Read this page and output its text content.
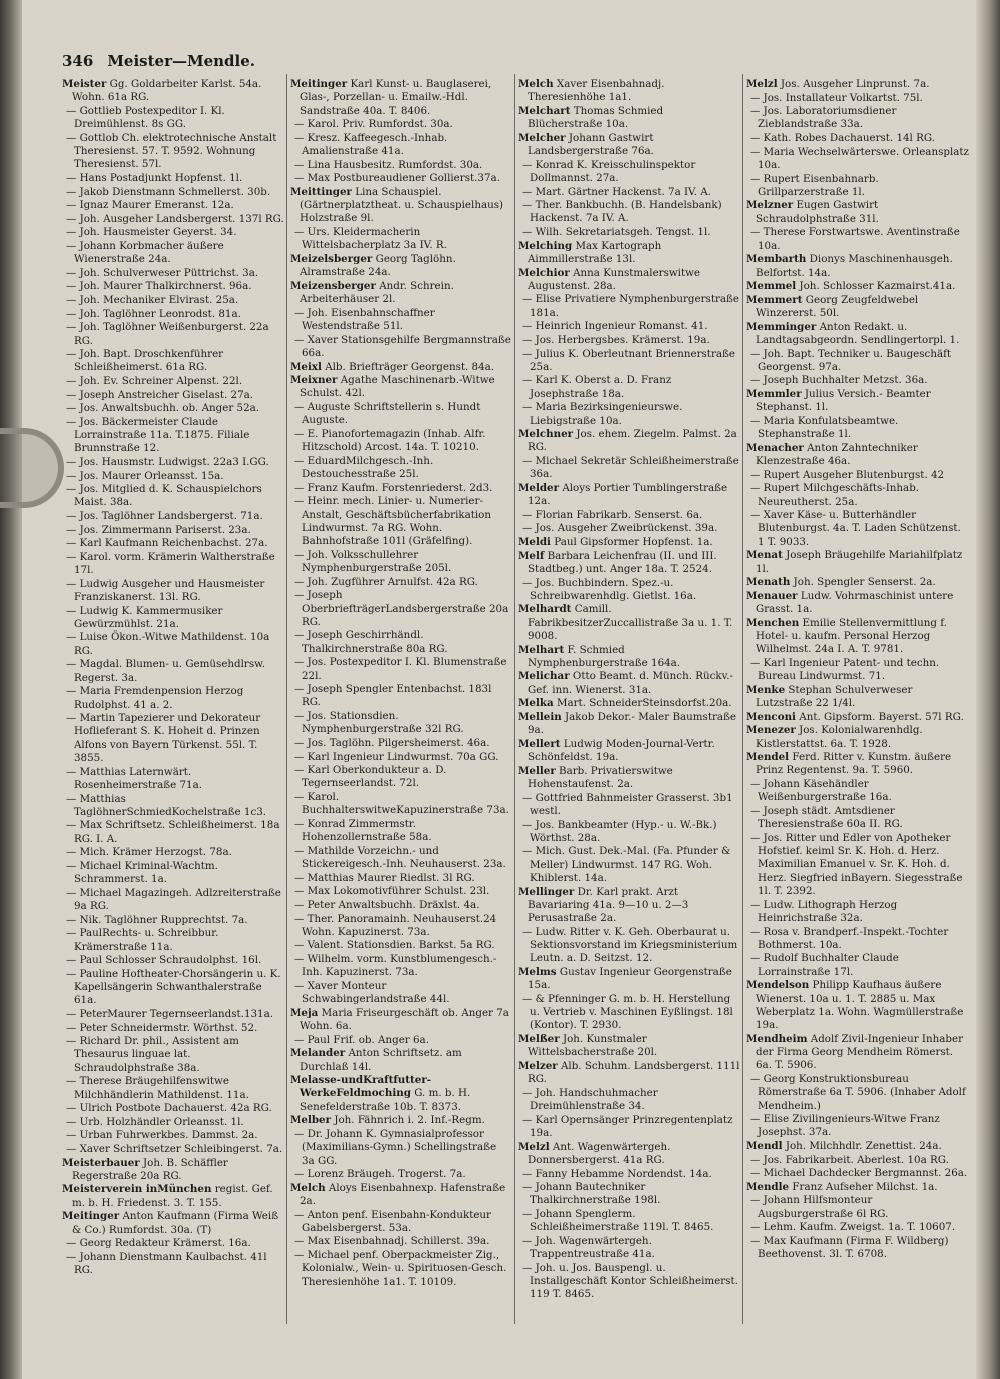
346 Meister—Mendle.

Meister Gg. Goldarbeiter Karlst. 54a. Wohn. 61a RG.

— Gottlieb Postexpeditor I. Kl. Dreimühlenst. 8s GG.

— Gottlob Ch. elektrotechnische Anstalt Theresienst. 57. T. 9592. Wohnung Theresienst. 57l.

— Hans Postadjunkt Hopfenst. 1l.

— Jakob Dienstmann Schmellerst. 30b.

— Ignaz Maurer Emeranst. 12a.

— Joh. Ausgeher Landsbergerst. 137l RG.

— Joh. Hausmeister Geyerst. 34.

— Johann Korbmacher äußere Wienerstraße 24a.

— Joh. Schulverweser Püttrichst. 3a.

— Joh. Maurer Thalkirchnerst. 96a.

— Joh. Mechaniker Elvirast. 25a.

— Joh. Taglöhner Leonrodst. 81a.

— Joh. Taglöhner Weißenburgerst. 22a RG.

— Joh. Bapt. Droschkenführer Schleißheimerst. 61a RG.

— Joh. Ev. Schreiner Alpenst. 22l.

— Joseph Anstreicher Giselast. 27a.

— Jos. Anwaltsbuchh. ob. Anger 52a.

— Jos. Bäckermeister Claude Lorrainstraße 11a. T.1875. Filiale Brunnstraße 12.

— Jos. Hausmstr. Ludwigst. 22a3 I.GG.

— Jos. Maurer Orleansst. 15a.

— Jos. Mitglied d. K. Schauspielchors Maist. 38a.

— Jos. Taglöhner Landsbergerst. 71a.

— Jos. Zimmermann Pariserst. 23a.

— Karl Kaufmann Reichenbachst. 27a.

— Karol. vorm. Krämerin Waltherstraße 17l.

— Ludwig Ausgeher und Hausmeister Franziskanerst. 13l. RG.

— Ludwig K. Kammermusiker Gewürzmühlst. 21a.

— Luise Ökon.-Witwe Mathildenst. 10a RG.

— Magdal. Blumen- u. Gemüsehdlrsw. Regerst. 3a.

— Maria Fremdenpension Herzog Rudolphst. 41 a. 2.

— Martin Tapezierer und Dekorateur Hoflieferant S. K. Hoheit d. Prinzen Alfons von Bayern Türkenst. 55l. T. 3855.

— Matthias Laternwärt. Rosenheimerstraße 71a.

— Matthias TaglöhnerSchmiedKochelstraße 1c3.

— Max Schriftsetz. Schleißheimerst. 18a RG. I. A.

— Mich. Krämer Herzogst. 78a.

— Michael Kriminal-Wachtm. Schrammerst. 1a.

— Michael Magazingeh. Adlzreiterstraße 9a RG.

— Nik. Taglöhner Rupprechtst. 7a.

— PaulRechts- u. Schreibbur. Krämerstraße 11a.

— Paul Schlosser Schraudolphst. 16l.

— Pauline Hoftheater-Chorsängerin u. K. Kapellsängerin Schwanthalerstraße 61a.

— PeterMaurer Tegernseerlandst.131a.

— Peter Schneidermstr. Wörthst. 52.

— Richard Dr. phil., Assistent am Thesaurus linguae lat. Schraudolphstraße 38a.

— Therese Bräugehilfenswitwe Milchhändlerin Mathildenst. 11a.

— Ulrich Postbote Dachauerst. 42a RG.

— Urb. Holzhändler Orleansst. 1l.

— Urban Fuhrwerkbes. Dammst. 2a.

— Xaver Schriftsetzer Schleibingerst. 7a.

Meisterbauer Joh. B. Schäffler Regerstraße 20a RG.

Meisterverein inMünchen regist. Gef. m. b. H. Friedenst. 3. T. 155.

Meitinger Anton Kaufmann (Firma Weiß & Co.) Rumfordst. 30a. (T)

— Georg Redakteur Krämerst. 16a.

— Johann Dienstmann Kaulbachst. 41l RG.

Meitinger Karl Kunst- u. Bauglaserei, Glas-, Porzellan- u. Emailw.-Hdl. Sandstraße 40a. T. 8406.

— Karol. Priv. Rumfordst. 30a.

— Kresz. Kaffeegesch.-Inhab. Amalienstraße 41a.

— Lina Hausbesitz. Rumfordst. 30a.

— Max Postbureaudiener Gollierst.37a.

Meittinger Lina Schauspiel. (Gärtnerplatztheat. u. Schauspielhaus) Holzstraße 9l.

— Urs. Kleidermacherin Wittelsbacherplatz 3a IV. R.

Meizelsberger Georg Taglöhn. Alramstraße 24a.

Meizensberger Andr. Schrein. Arbeiterhäuser 2l.

— Joh. Eisenbahnschaffner Westendstraße 51l.

— Xaver Stationsgehilfe Bergmannstraße 66a.

Meixl Alb. Briefträger Georgenst. 84a.

Meixner Agathe Maschinenarb.-Witwe Schulst. 42l.

— Auguste Schriftstellerin s. Hundt Auguste.

— E. Pianofortemagazin (Inhab. Alfr. Hitzschold) Arcost. 14a. T. 10210.

— EduardMilchgesch.-Inh. Destouchesstraße 25l.

— Franz Kaufm. Forstenriederst. 2d3.

— Heinr. mech. Linier- u. Numerier-Anstalt, Geschäftsbücherfabrikation Lindwurmst. 7a RG. Wohn. Bahnhofstraße 101l (Gräfelfing).

— Joh. Volksschullehrer Nymphenburgerstraße 205l.

— Joh. Zugführer Arnulfst. 42a RG.

— Joseph OberbriefträgerLandsbergerstraße 20a RG.

— Joseph Geschirrhändl. Thalkirchnerstraße 80a RG.

— Jos. Postexpeditor I. Kl. Blumenstraße 22l.

— Joseph Spengler Entenbachst. 183l RG.

— Jos. Stationsdien. Nymphenburgerstraße 32l RG.

— Jos. Taglöhn. Pilgersheimerst. 46a.

— Karl Ingenieur Lindwurmst. 70a GG.

— Karl Oberkondukteur a. D. Tegernseerlandst. 72l.

— Karol. BuchhalterswitweKapuzinerstraße 73a.

— Konrad Zimmermstr. Hohenzollernstraße 58a.

— Mathilde Vorzeichn.- und Stickereigesch.-Inh. Neuhauserst. 23a.

— Matthias Maurer Riedlst. 3l RG.

— Max Lokomotivführer Schulst. 23l.

— Peter Anwaltsbuchh. Dräxlst. 4a.

— Ther. Panoramainh. Neuhauserst.24 Wohn. Kapuzinerst. 73a.

— Valent. Stationsdien. Barkst. 5a RG.

— Wilhelm. vorm. Kunstblumengesch.-Inh. Kapuzinerst. 73a.

— Xaver Monteur Schwabingerlandstraße 44l.

Meja Maria Friseurgeschäft ob. Anger 7a Wohn. 6a.

— Paul Frif. ob. Anger 6a.

Melander Anton Schriftsetz. am Durchlaß 14l.

Melasse-undKraftfutter-WerkeFeldmoching G. m. b. H. Senefelderstraße 10b. T. 8373.

Melber Joh. Fähnrich i. 2. Inf.-Regm.

— Dr. Johann K. Gymnasialprofessor (Maximilians-Gymn.) Schellingstraße 3a GG.

— Lorenz Bräugeh. Trogerst. 7a.

Melch Aloys Eisenbahnexp. Hafenstraße 2a.

— Anton penf. Eisenbahn-Kondukteur Gabelsbergerst. 53a.

— Max Eisenbahnadj. Schillerst. 39a.

— Michael penf. Oberpackmeister Zig., Kolonialw., Wein- u. Spirituosen-Gesch. Theresienhöhe 1a1. T. 10109.

Melch Xaver Eisenbahnadj. Theresienhöhe 1a1.

Melchart Thomas Schmied Blücherstraße 10a.

Melcher Johann Gastwirt Landsbergerstraße 76a.

— Konrad K. Kreisschulinspektor Dollmannst. 27a.

— Mart. Gärtner Hackenst. 7a IV. A.

— Ther. Bankbuchh. (B. Handelsbank) Hackenst. 7a IV. A.

— Wilh. Sekretariatsgeh. Tengst. 1l.

Melching Max Kartograph Aimmillerstraße 13l.

Melchior Anna Kunstmalerswitwe Augustenst. 28a.

— Elise Privatiere Nymphenburgerstraße 181a.

— Heinrich Ingenieur Romanst. 41.

— Jos. Herbergsbes. Krämerst. 19a.

— Julius K. Oberleutnant Briennerstraße 25a.

— Karl K. Oberst a. D. Franz Josephstraße 18a.

— Maria Bezirksingenieurswe. Liebigstraße 10a.

Melchner Jos. ehem. Ziegelm. Palmst. 2a RG.

— Michael Sekretär Schleißheimerstraße 36a.

Melder Aloys Portier Tumblingerstraße 12a.

— Florian Fabrikarb. Senserst. 6a.

— Jos. Ausgeher Zweibrückenst. 39a.

Meldi Paul Gipsformer Hopfenst. 1a.

Melf Barbara Leichenfrau (II. und III. Stadtbeg.) unt. Anger 18a. T. 2524.

— Jos. Buchbindern. Spez.-u. Schreibwarenhdlg. Gietlst. 16a.

Melhardt Camill. FabrikbesitzerZuccallistraße 3a u. 1. T. 9008.

Melhart F. Schmied Nymphenburgerstraße 164a.

Melichar Otto Beamt. d. Münch. Rückv.-Gef. inn. Wienerst. 31a.

Melka Mart. SchneiderSteinsdorfst.20a.

Mellein Jakob Dekor.- Maler Baumstraße 9a.

Mellert Ludwig Moden-Journal-Vertr. Schönfeldst. 19a.

Meller Barb. Privatierswitwe Hohenstaufenst. 2a.

— Gottfried Bahnmeister Grasserst. 3b1 westl.

— Jos. Bankbeamter (Hyp.- u. W.-Bk.) Wörthst. 28a.

— Mich. Gust. Dek.-Mal. (Fa. Pfunder & Meller) Lindwurmst. 147 RG. Woh. Khiblerst. 14a.

Mellinger Dr. Karl prakt. Arzt Bavariaring 41a. 9—10 u. 2—3 Perusastraße 2a.

— Ludw. Ritter v. K. Geh. Oberbaurat u. Sektionsvorstand im Kriegsministerium Leutn. a. D. Seitzst. 12.

Melms Gustav Ingenieur Georgenstraße 15a.

— & Pfenninger G. m. b. H. Herstellung u. Vertrieb v. Maschinen Eyßlingst. 18l (Kontor). T. 2930.

Melßer Joh. Kunstmaler Wittelsbacherstraße 20l.

Melzer Alb. Schuhm. Landsbergerst. 111l RG.

— Joh. Handschuhmacher Dreimühlenstraße 34.

— Karl Opernsänger Prinzregentenplatz 19a.

Melzl Ant. Wagenwärtergeh. Donnersbergerst. 41a RG.

— Fanny Hebamme Nordendst. 14a.

— Johann Bautechniker Thalkirchnerstraße 198l.

— Johann Spenglerm. Schleißheimerstraße 119l. T. 8465.

— Joh. Wagenwärtergeh. Trappentreustraße 41a.

— Joh. u. Jos. Bauspengl. u. Installgeschäft Kontor Schleißheimerst. 119 T. 8465.

Melzl Jos. Ausgeher Linprunst. 7a.

— Jos. Installateur Volkartst. 75l.

— Jos. Laboratoriumsdiener Zieblandstraße 33a.

— Kath. Robes Dachauerst. 14l RG.

— Maria Wechselwärterswe. Orleansplatz 10a.

— Rupert Eisenbahnarb. Grillparzerstraße 1l.

Melzner Eugen Gastwirt Schraudolphstraße 31l.

— Therese Forstwartswe. Aventinstraße 10a.

Membarth Dionys Maschinenhausgeh. Belfortst. 14a.

Memmel Joh. Schlosser Kazmairst.41a.

Memmert Georg Zeugfeldwebel Winzererst. 50l.

Memminger Anton Redakt. u. Landtagsabgeordn. Sendlingertorpl. 1.

— Joh. Bapt. Techniker u. Baugeschäft Georgenst. 97a.

— Joseph Buchhalter Metzst. 36a.

Memmler Julius Versich.- Beamter Stephanst. 1l.

— Maria Konfulatsbeamtwe. Stephanstraße 1l.

Menacher Anton Zahntechniker Klenzestraße 46a.

— Rupert Ausgeher Blutenburgst. 42

— Rupert Milchgeschäfts-Inhab. Neureutherst. 25a.

— Xaver Käse- u. Butterhändler Blutenburgst. 4a. T. Laden Schützenst. 1 T. 9033.

Menat Joseph Bräugehilfe Mariahilfplatz 1l.

Menath Joh. Spengler Senserst. 2a.

Menauer Ludw. Vohrmaschinist untere Grasst. 1a.

Menchen Emilie Stellenvermittlung f. Hotel- u. kaufm. Personal Herzog Wilhelmst. 24a I. A. T. 9781.

— Karl Ingenieur Patent- und techn. Bureau Lindwurmst. 71.

Menke Stephan Schulverweser Lutzstraße 22 1/4l.

Menconi Ant. Gipsform. Bayerst. 57l RG.

Menezer Jos. Kolonialwarenhdlg. Kistlerstattst. 6a. T. 1928.

Mendel Ferd. Ritter v. Kunstm. äußere Prinz Regentenst. 9a. T. 5960.

— Johann Käsehändler Weißenburgerstraße 16a.

— Joseph städt. Amtsdiener Theresienstraße 60a II. RG.

— Jos. Ritter und Edler von Apotheker Hofstief. keiml Sr. K. Hoh. d. Herz. Maximilian Emanuel v. Sr. K. Hoh. d. Herz. Siegfried inBayern. Siegesstraße 1l. T. 2392.

— Ludw. Lithograph Herzog Heinrichstraße 32a.

— Rosa v. Brandperf.-Inspekt.-Tochter Bothmerst. 10a.

— Rudolf Buchhalter Claude Lorrainstraße 17l.

Mendelson Philipp Kaufhaus äußere Wienerst. 10a u. 1. T. 2885 u. Max Weberplatz 1a. Wohn. Wagmüllerstraße 19a.

Mendheim Adolf Zivil-Ingenieur Inhaber der Firma Georg Mendheim Römerst. 6a. T. 5906.

— Georg Konstruktionsbureau Römerstraße 6a T. 5906. (Inhaber Adolf Mendheim.)

— Elise Zivilingenieurs-Witwe Franz Josephst. 37a.

Mendl Joh. Milchhdlr. Zenettist. 24a.

— Jos. Fabrikarbeit. Aberlest. 10a RG.

— Michael Dachdecker Bergmannst. 26a.

Mendle Franz Aufseher Milchst. 1a.

— Johann Hilfsmonteur Augsburgerstraße 6l RG.

— Lehm. Kaufm. Zweigst. 1a. T. 10607.

— Max Kaufmann (Firma F. Wildberg) Beethovenst. 3l. T. 6708.
